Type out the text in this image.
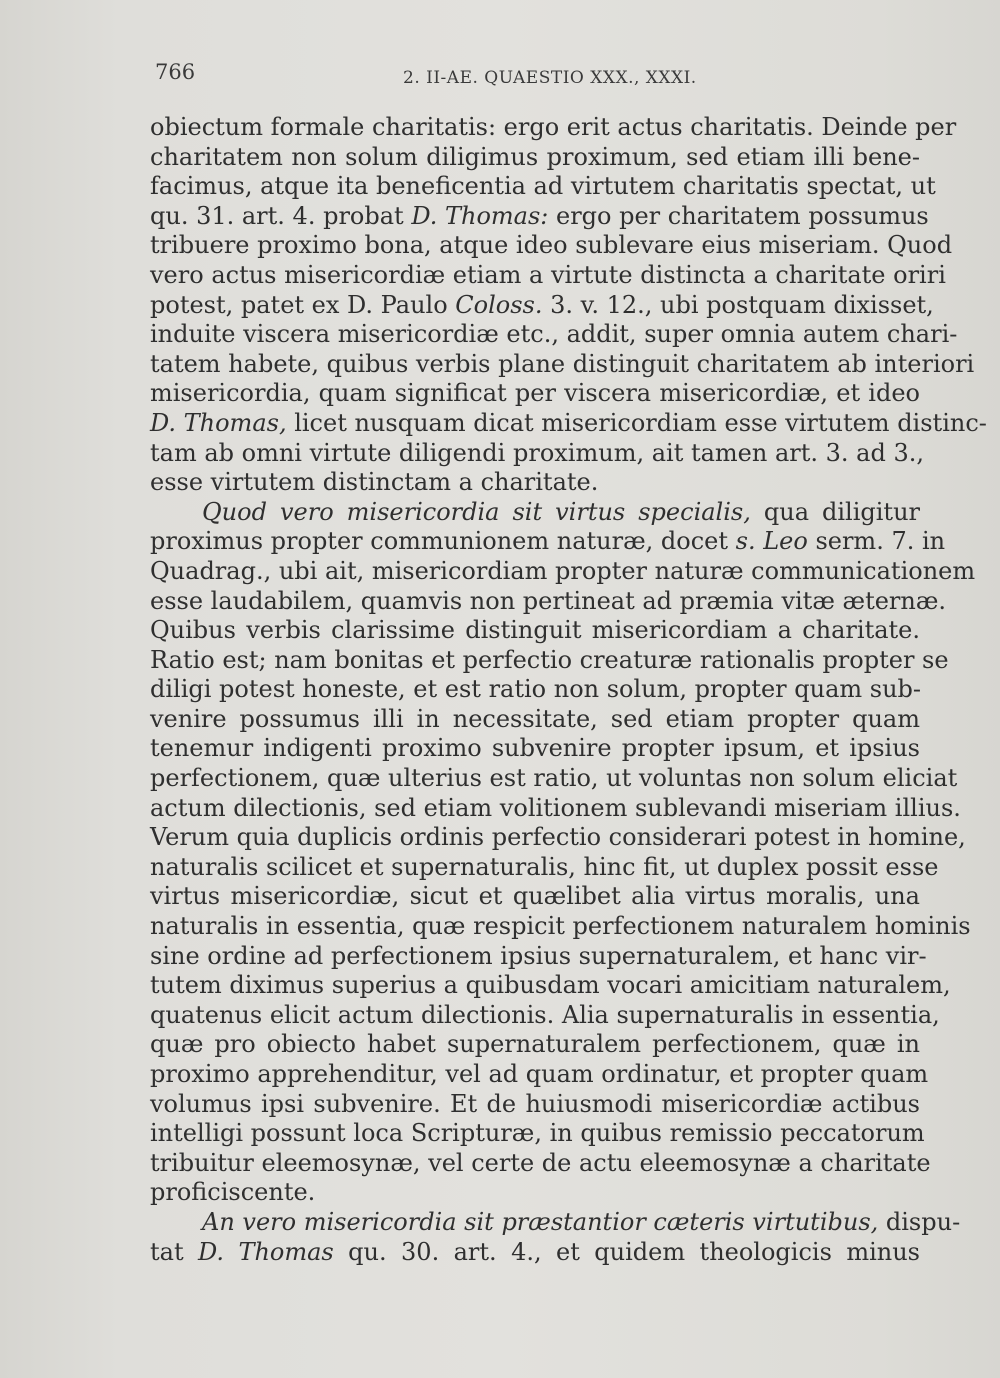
766	2. II-AE. QUAESTIO XXX., XXXI.
obiectum formale charitatis: ergo erit actus charitatis. Deinde per
charitatem non solum diligimus proximum, sed etiam illi bene-
facimus, atque ita beneficentia ad virtutem charitatis spectat, ut
qu. 31. art. 4. probat D. Thomas: ergo per charitatem possumus
tribuere proximo bona, atque ideo sublevare eius miseriam. Quod
vero actus misericordiæ etiam a virtute distincta a charitate oriri
potest, patet ex D. Paulo Coloss. 3. v. 12., ubi postquam dixisset,
induite viscera misericordiæ etc., addit, super omnia autem chari-
tatem habete, quibus verbis plane distinguit charitatem ab interiori
misericordia, quam significat per viscera misericordiæ, et ideo
D. Thomas, licet nusquam dicat misericordiam esse virtutem distinc-
tam ab omni virtute diligendi proximum, ait tamen art. 3. ad 3.,
esse virtutem distinctam a charitate.
Quod vero misericordia sit virtus specialis, qua diligitur
proximus propter communionem naturæ, docet s. Leo serm. 7. in
Quadrag., ubi ait, misericordiam propter naturæ communicationem
esse laudabilem, quamvis non pertineat ad præmia vitæ æternæ.
Quibus verbis clarissime distinguit misericordiam a charitate.
Ratio est; nam bonitas et perfectio creaturæ rationalis propter se
diligi potest honeste, et est ratio non solum, propter quam sub-
venire possumus illi in necessitate, sed etiam propter quam
tenemur indigenti proximo subvenire propter ipsum, et ipsius
perfectionem, quæ ulterius est ratio, ut voluntas non solum eliciat
actum dilectionis, sed etiam volitionem sublevandi miseriam illius.
Verum quia duplicis ordinis perfectio considerari potest in homine,
naturalis scilicet et supernaturalis, hinc fit, ut duplex possit esse
virtus misericordiæ, sicut et quælibet alia virtus moralis, una
naturalis in essentia, quæ respicit perfectionem naturalem hominis
sine ordine ad perfectionem ipsius supernaturalem, et hanc vir-
tutem diximus superius a quibusdam vocari amicitiam naturalem,
quatenus elicit actum dilectionis. Alia supernaturalis in essentia,
quæ pro obiecto habet supernaturalem perfectionem, quæ in
proximo apprehenditur, vel ad quam ordinatur, et propter quam
volumus ipsi subvenire. Et de huiusmodi misericordiæ actibus
intelligi possunt loca Scripturæ, in quibus remissio peccatorum
tribuitur eleemosynæ, vel certe de actu eleemosynæ a charitate
proficiscente.
An vero misericordia sit præstantior cæteris virtutibus, dispu-
tat D. Thomas qu. 30. art. 4., et quidem theologicis minus
